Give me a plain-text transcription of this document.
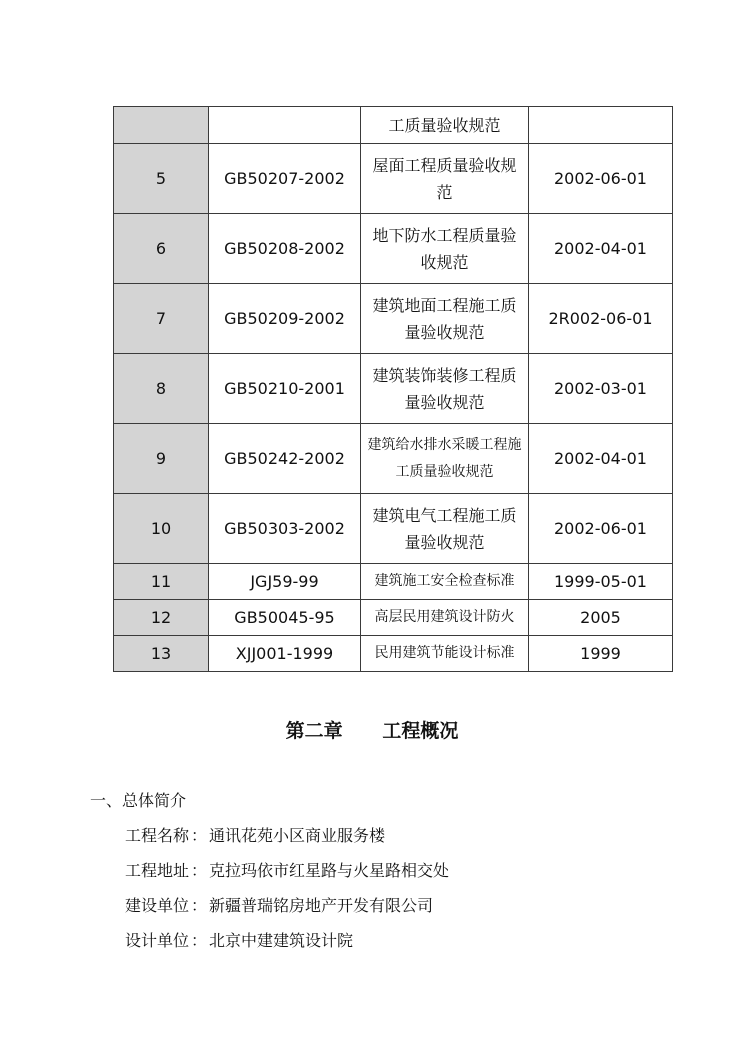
		工质量验收规范	
5	GB50207-2002	屋面工程质量验收规范	2002-06-01
6	GB50208-2002	地下防水工程质量验收规范	2002-04-01
7	GB50209-2002	建筑地面工程施工质量验收规范	2R002-06-01
8	GB50210-2001	建筑装饰装修工程质量验收规范	2002-03-01
9	GB50242-2002	建筑给水排水采暖工程施工质量验收规范	2002-04-01
10	GB50303-2002	建筑电气工程施工质量验收规范	2002-06-01
11	JGJ59-99	建筑施工安全检查标准	1999-05-01
12	GB50045-95	高层民用建筑设计防火	2005
13	XJJ001-1999	民用建筑节能设计标准	1999
第二章      工程概况
一、总体简介
工程名称 ： 通讯花苑小区商业服务楼
工程地址 ： 克拉玛依市红星路与火星路相交处
建设单位 ： 新疆普瑞铭房地产开发有限公司
设计单位 ： 北京中建建筑设计院
